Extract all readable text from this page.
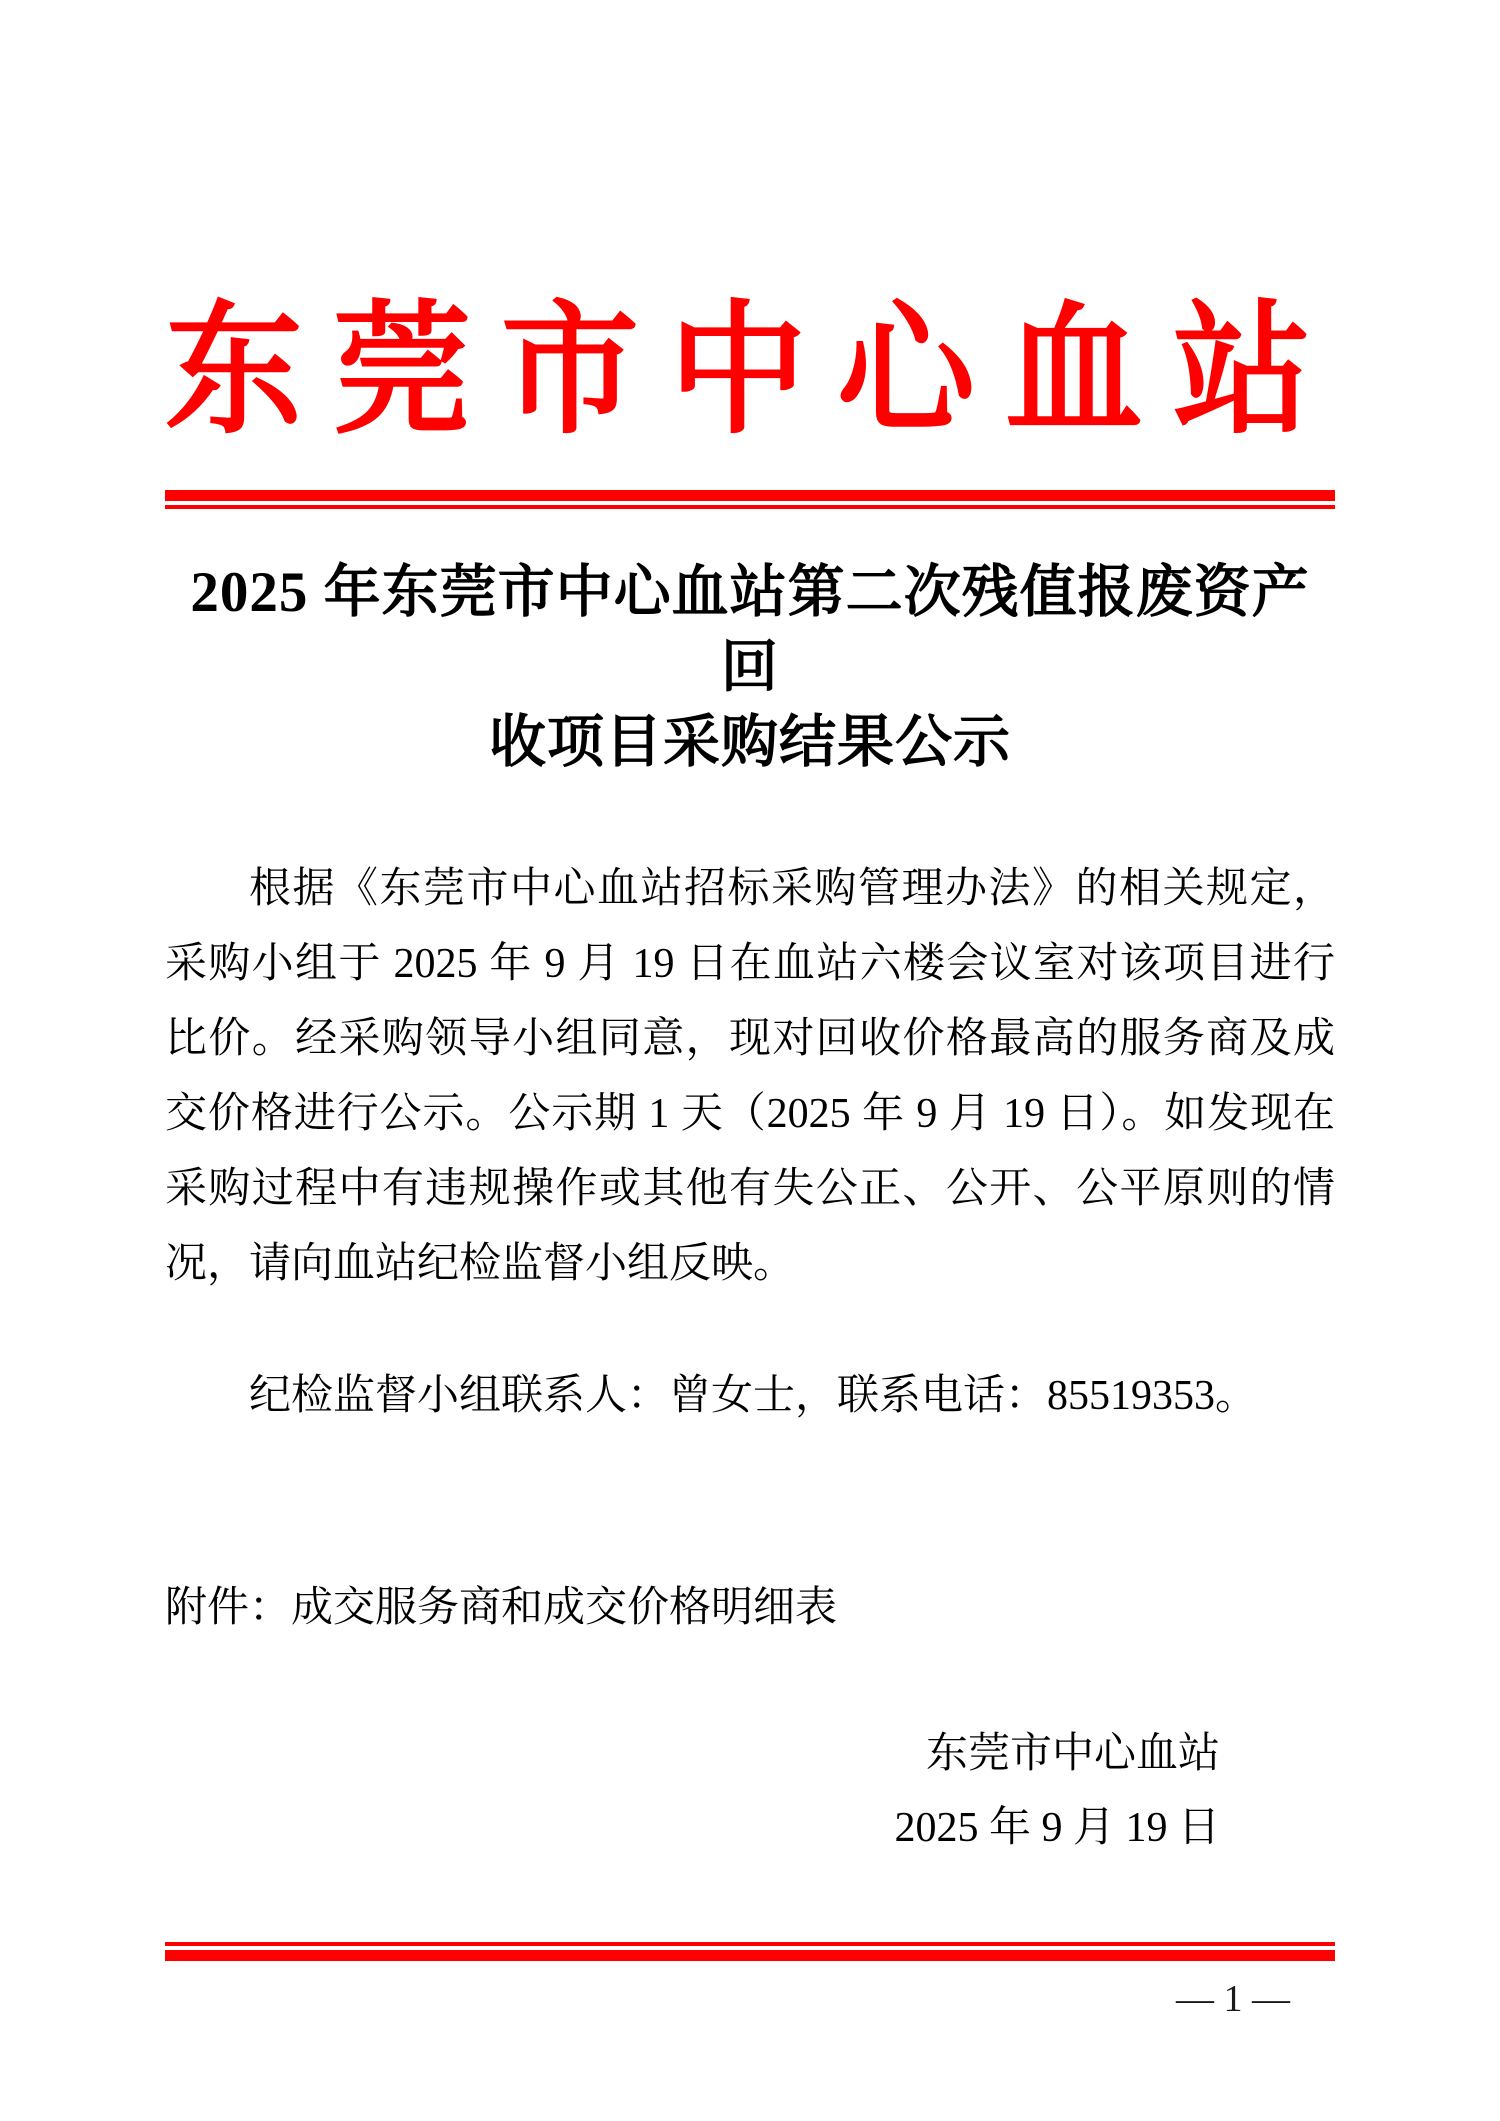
东莞市中心血站
2025 年东莞市中心血站第二次残值报废资产回
收项目采购结果公示

根据《东莞市中心血站招标采购管理办法》的相关规定，采购小组于 2025 年 9 月 19 日在血站六楼会议室对该项目进行比价。经采购领导小组同意，现对回收价格最高的服务商及成交价格进行公示。公示期 1 天（2025 年 9 月 19 日）。如发现在采购过程中有违规操作或其他有失公正、公开、公平原则的情况，请向血站纪检监督小组反映。

纪检监督小组联系人：曾女士，联系电话：85519353。

附件：成交服务商和成交价格明细表

东莞市中心血站
2025 年 9 月 19 日
— 1 —
